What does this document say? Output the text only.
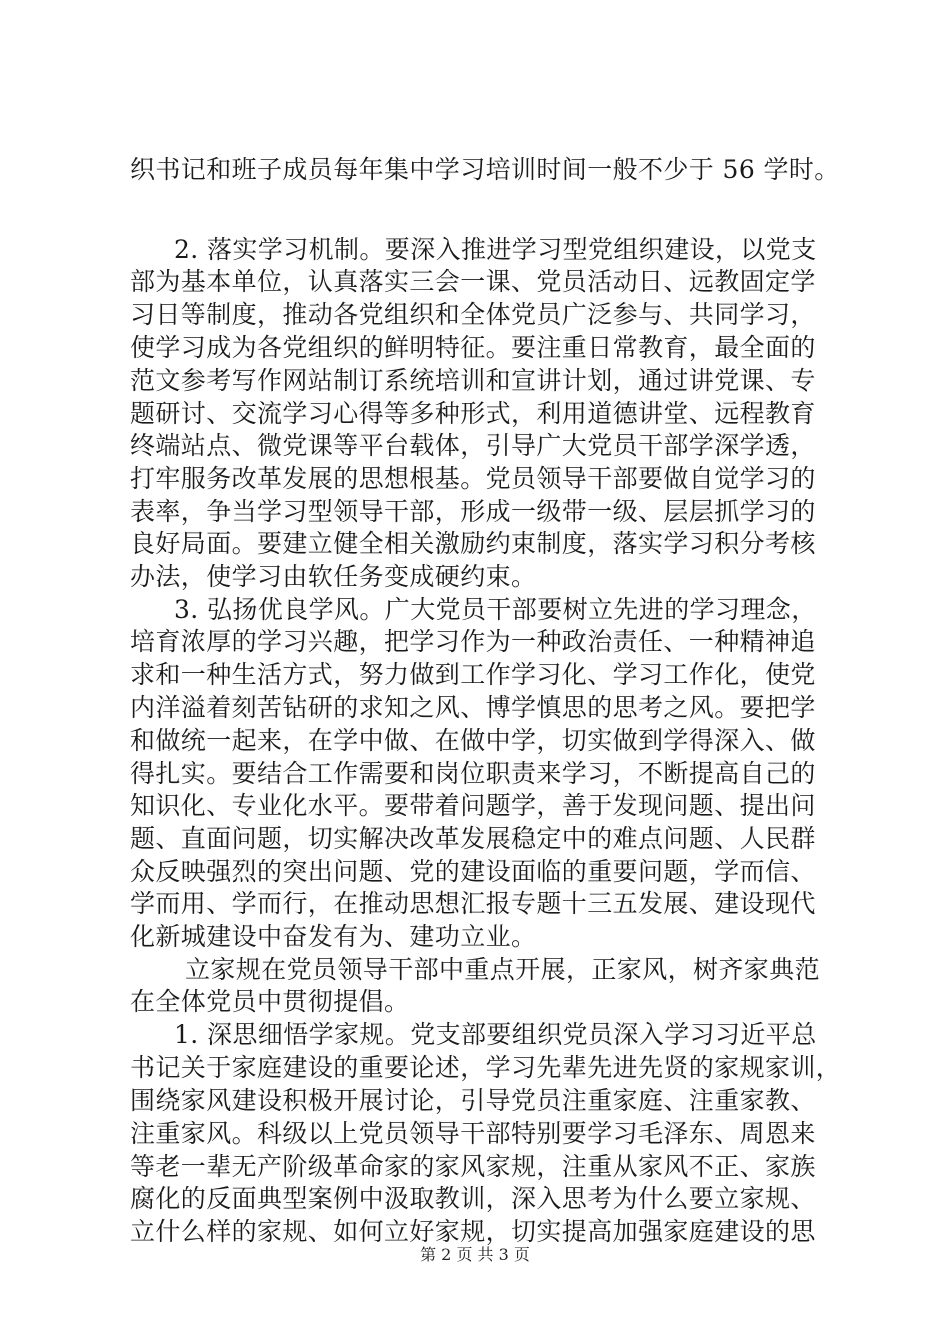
织书记和班子成员每年集中学习培训时间一般不少于 56 学时。
2. 落实学习机制。要深入推进学习型党组织建设，以党支
部为基本单位，认真落实三会一课、党员活动日、远教固定学
习日等制度，推动各党组织和全体党员广泛参与、共同学习，
使学习成为各党组织的鲜明特征。要注重日常教育，最全面的
范文参考写作网站制订系统培训和宣讲计划，通过讲党课、专
题研讨、交流学习心得等多种形式，利用道德讲堂、远程教育
终端站点、微党课等平台载体，引导广大党员干部学深学透，
打牢服务改革发展的思想根基。党员领导干部要做自觉学习的
表率，争当学习型领导干部，形成一级带一级、层层抓学习的
良好局面。要建立健全相关激励约束制度，落实学习积分考核
办法，使学习由软任务变成硬约束。
3. 弘扬优良学风。广大党员干部要树立先进的学习理念，
培育浓厚的学习兴趣，把学习作为一种政治责任、一种精神追
求和一种生活方式，努力做到工作学习化、学习工作化，使党
内洋溢着刻苦钻研的求知之风、博学慎思的思考之风。要把学
和做统一起来，在学中做、在做中学，切实做到学得深入、做
得扎实。要结合工作需要和岗位职责来学习，不断提高自己的
知识化、专业化水平。要带着问题学，善于发现问题、提出问
题、直面问题，切实解决改革发展稳定中的难点问题、人民群
众反映强烈的突出问题、党的建设面临的重要问题，学而信、
学而用、学而行，在推动思想汇报专题十三五发展、建设现代
化新城建设中奋发有为、建功立业。
立家规在党员领导干部中重点开展，正家风，树齐家典范
在全体党员中贯彻提倡。
1. 深思细悟学家规。党支部要组织党员深入学习习近平总
书记关于家庭建设的重要论述，学习先辈先进先贤的家规家训，
围绕家风建设积极开展讨论，引导党员注重家庭、注重家教、
注重家风。科级以上党员领导干部特别要学习毛泽东、周恩来
等老一辈无产阶级革命家的家风家规，注重从家风不正、家族
腐化的反面典型案例中汲取教训，深入思考为什么要立家规、
立什么样的家规、如何立好家规，切实提高加强家庭建设的思
第 2 页 共 3 页
